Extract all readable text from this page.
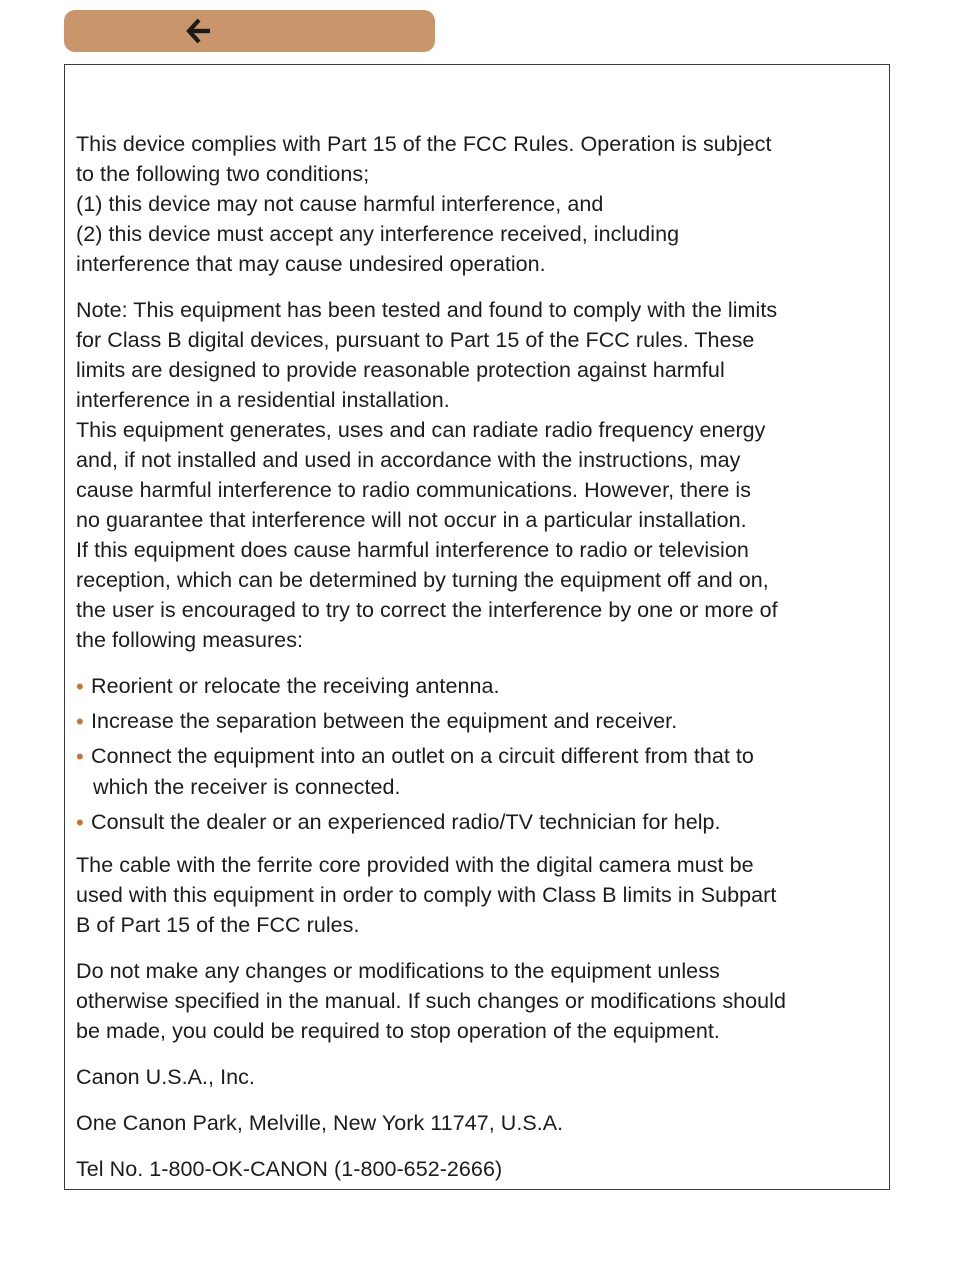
This device complies with Part 15 of the FCC Rules. Operation is subject
to the following two conditions;
(1) this device may not cause harmful interference, and
(2) this device must accept any interference received, including
interference that may cause undesired operation.

Note: This equipment has been tested and found to comply with the limits
for Class B digital devices, pursuant to Part 15 of the FCC rules. These
limits are designed to provide reasonable protection against harmful
interference in a residential installation.
This equipment generates, uses and can radiate radio frequency energy
and, if not installed and used in accordance with the instructions, may
cause harmful interference to radio communications. However, there is
no guarantee that interference will not occur in a particular installation.
If this equipment does cause harmful interference to radio or television
reception, which can be determined by turning the equipment off and on,
the user is encouraged to try to correct the interference by one or more of
the following measures:

• Reorient or relocate the receiving antenna.
• Increase the separation between the equipment and receiver.
• Connect the equipment into an outlet on a circuit different from that to
which the receiver is connected.
• Consult the dealer or an experienced radio/TV technician for help.

The cable with the ferrite core provided with the digital camera must be
used with this equipment in order to comply with Class B limits in Subpart
B of Part 15 of the FCC rules.

Do not make any changes or modifications to the equipment unless
otherwise specified in the manual. If such changes or modifications should
be made, you could be required to stop operation of the equipment.

Canon U.S.A., Inc.

One Canon Park, Melville, New York 11747, U.S.A.

Tel No. 1-800-OK-CANON (1-800-652-2666)
